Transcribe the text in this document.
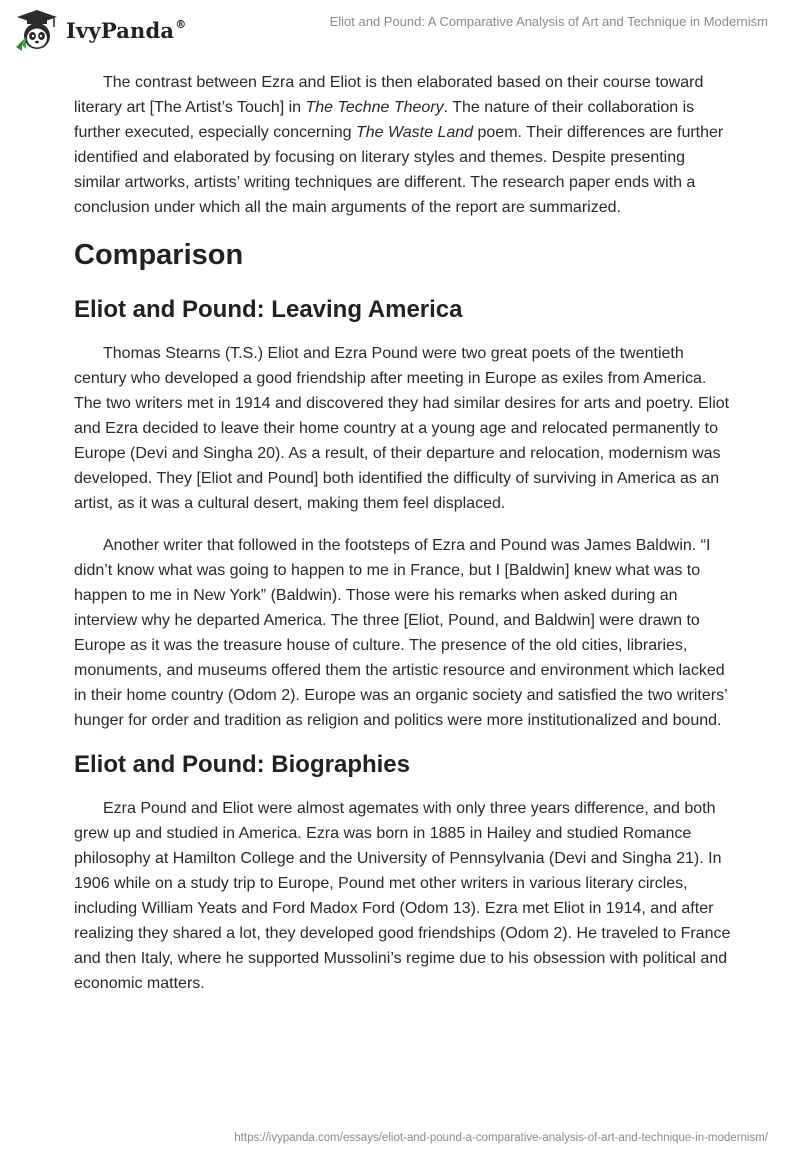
IvyPanda®	Eliot and Pound: A Comparative Analysis of Art and Technique in Modernism

The contrast between Ezra and Eliot is then elaborated based on their course toward literary art [The Artist’s Touch] in The Techne Theory. The nature of their collaboration is further executed, especially concerning The Waste Land poem. Their differences are further identified and elaborated by focusing on literary styles and themes. Despite presenting similar artworks, artists’ writing techniques are different. The research paper ends with a conclusion under which all the main arguments of the report are summarized.

Comparison
Eliot and Pound: Leaving America

Thomas Stearns (T.S.) Eliot and Ezra Pound were two great poets of the twentieth century who developed a good friendship after meeting in Europe as exiles from America. The two writers met in 1914 and discovered they had similar desires for arts and poetry. Eliot and Ezra decided to leave their home country at a young age and relocated permanently to Europe (Devi and Singha 20). As a result, of their departure and relocation, modernism was developed. They [Eliot and Pound] both identified the difficulty of surviving in America as an artist, as it was a cultural desert, making them feel displaced.

Another writer that followed in the footsteps of Ezra and Pound was James Baldwin. “I didn’t know what was going to happen to me in France, but I [Baldwin] knew what was to happen to me in New York” (Baldwin). Those were his remarks when asked during an interview why he departed America. The three [Eliot, Pound, and Baldwin] were drawn to Europe as it was the treasure house of culture. The presence of the old cities, libraries, monuments, and museums offered them the artistic resource and environment which lacked in their home country (Odom 2). Europe was an organic society and satisfied the two writers’ hunger for order and tradition as religion and politics were more institutionalized and bound.

Eliot and Pound: Biographies

Ezra Pound and Eliot were almost agemates with only three years difference, and both grew up and studied in America. Ezra was born in 1885 in Hailey and studied Romance philosophy at Hamilton College and the University of Pennsylvania (Devi and Singha 21). In 1906 while on a study trip to Europe, Pound met other writers in various literary circles, including William Yeats and Ford Madox Ford (Odom 13). Ezra met Eliot in 1914, and after realizing they shared a lot, they developed good friendships (Odom 2). He traveled to France and then Italy, where he supported Mussolini’s regime due to his obsession with political and economic matters.

https://ivypanda.com/essays/eliot-and-pound-a-comparative-analysis-of-art-and-technique-in-modernism/
